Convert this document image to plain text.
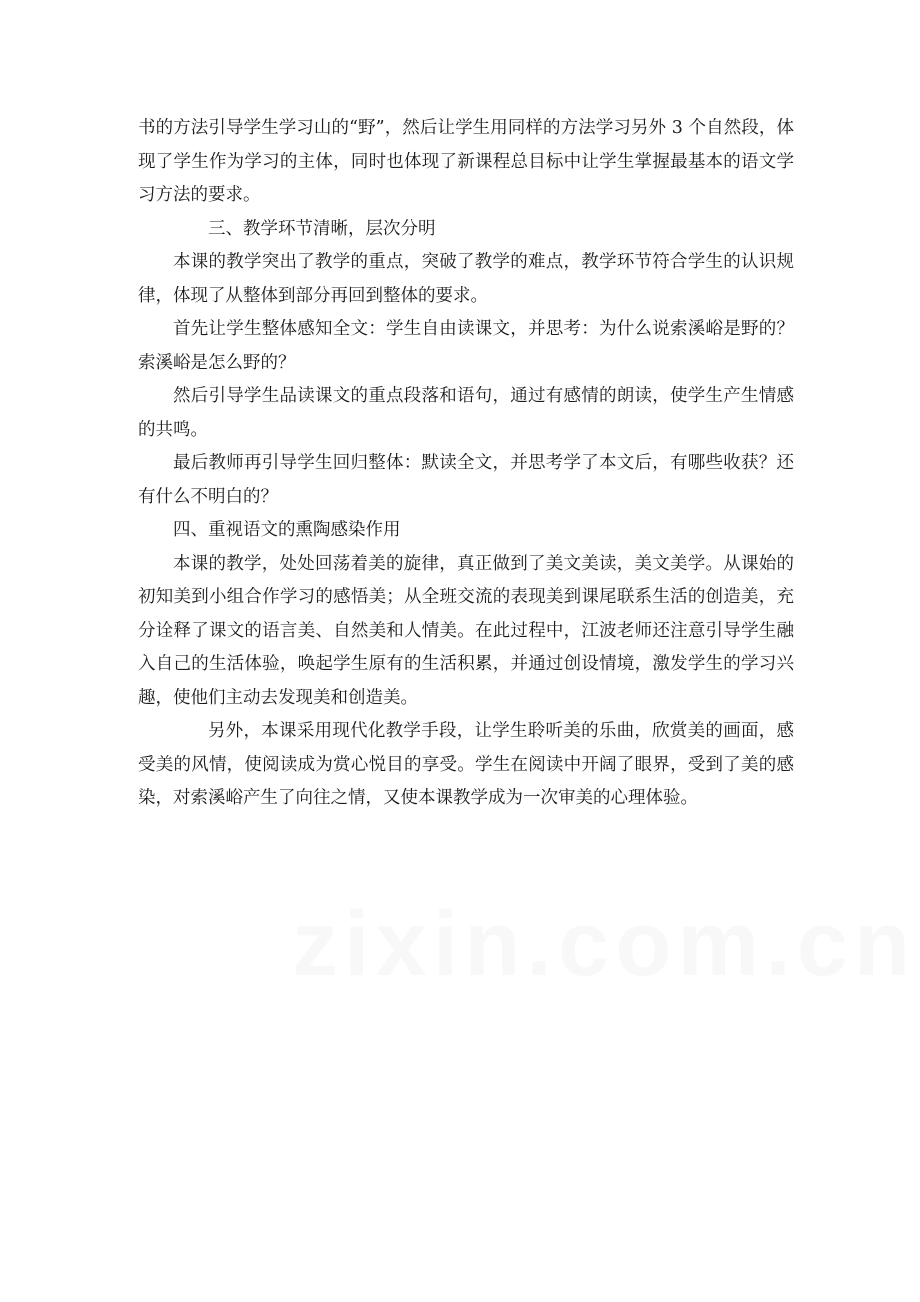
书的方法引导学生学习山的“野”，然后让学生用同样的方法学习另外 3 个自然段，体现了学生作为学习的主体，同时也体现了新课程总目标中让学生掌握最基本的语文学习方法的要求。

三、教学环节清晰，层次分明

本课的教学突出了教学的重点，突破了教学的难点，教学环节符合学生的认识规律，体现了从整体到部分再回到整体的要求。

首先让学生整体感知全文：学生自由读课文，并思考：为什么说索溪峪是野的？索溪峪是怎么野的？

然后引导学生品读课文的重点段落和语句，通过有感情的朗读，使学生产生情感的共鸣。

最后教师再引导学生回归整体：默读全文，并思考学了本文后，有哪些收获？还有什么不明白的？

四、重视语文的熏陶感染作用

本课的教学，处处回荡着美的旋律，真正做到了美文美读，美文美学。从课始的初知美到小组合作学习的感悟美；从全班交流的表现美到课尾联系生活的创造美，充分诠释了课文的语言美、自然美和人情美。在此过程中，江波老师还注意引导学生融入自己的生活体验，唤起学生原有的生活积累，并通过创设情境，激发学生的学习兴趣，使他们主动去发现美和创造美。

另外，本课采用现代化教学手段，让学生聆听美的乐曲，欣赏美的画面，感受美的风情，使阅读成为赏心悦目的享受。学生在阅读中开阔了眼界，受到了美的感染，对索溪峪产生了向往之情，又使本课教学成为一次审美的心理体验。

zixin.com.cn
